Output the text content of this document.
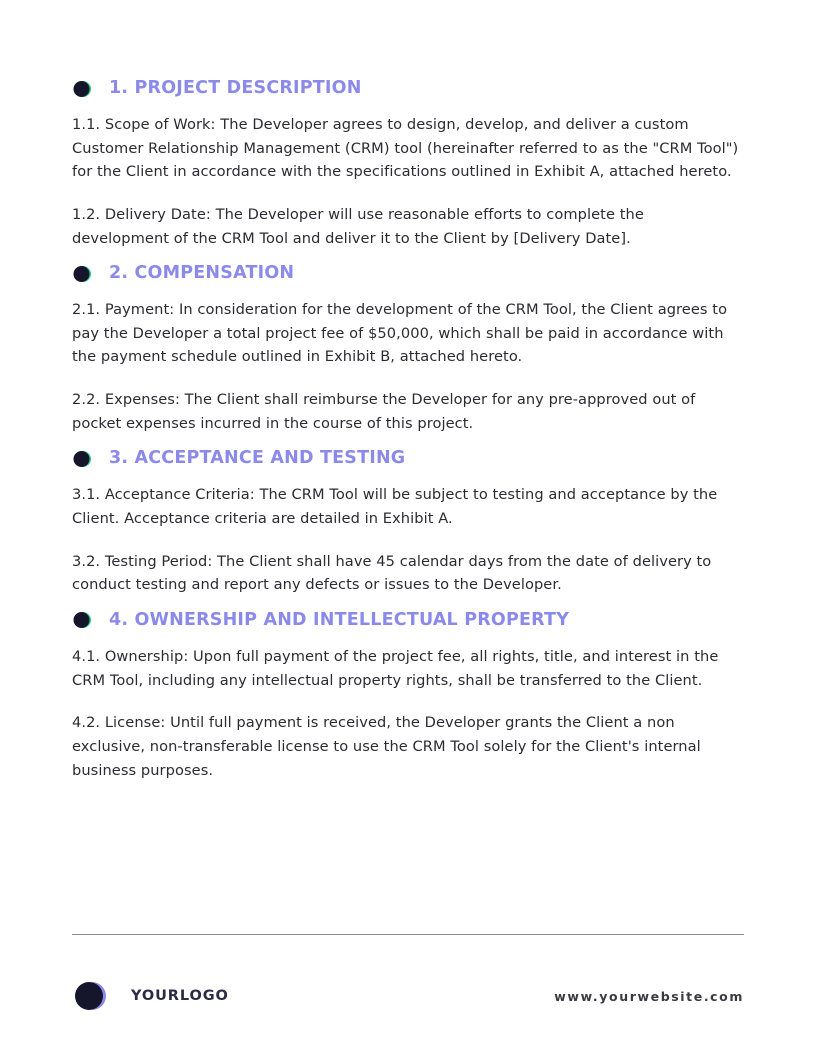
1. PROJECT DESCRIPTION

1.1. Scope of Work: The Developer agrees to design, develop, and deliver a custom Customer Relationship Management (CRM) tool (hereinafter referred to as the "CRM Tool") for the Client in accordance with the specifications outlined in Exhibit A, attached hereto.

1.2. Delivery Date: The Developer will use reasonable efforts to complete the development of the CRM Tool and deliver it to the Client by [Delivery Date].

2. COMPENSATION

2.1. Payment: In consideration for the development of the CRM Tool, the Client agrees to pay the Developer a total project fee of $50,000, which shall be paid in accordance with the payment schedule outlined in Exhibit B, attached hereto.

2.2. Expenses: The Client shall reimburse the Developer for any pre-approved out of pocket expenses incurred in the course of this project.

3. ACCEPTANCE AND TESTING

3.1. Acceptance Criteria: The CRM Tool will be subject to testing and acceptance by the Client. Acceptance criteria are detailed in Exhibit A.

3.2. Testing Period: The Client shall have 45 calendar days from the date of delivery to conduct testing and report any defects or issues to the Developer.

4. OWNERSHIP AND INTELLECTUAL PROPERTY

4.1. Ownership: Upon full payment of the project fee, all rights, title, and interest in the CRM Tool, including any intellectual property rights, shall be transferred to the Client.

4.2. License: Until full payment is received, the Developer grants the Client a non exclusive, non-transferable license to use the CRM Tool solely for the Client's internal business purposes.

YOURLOGO	www.yourwebsite.com
